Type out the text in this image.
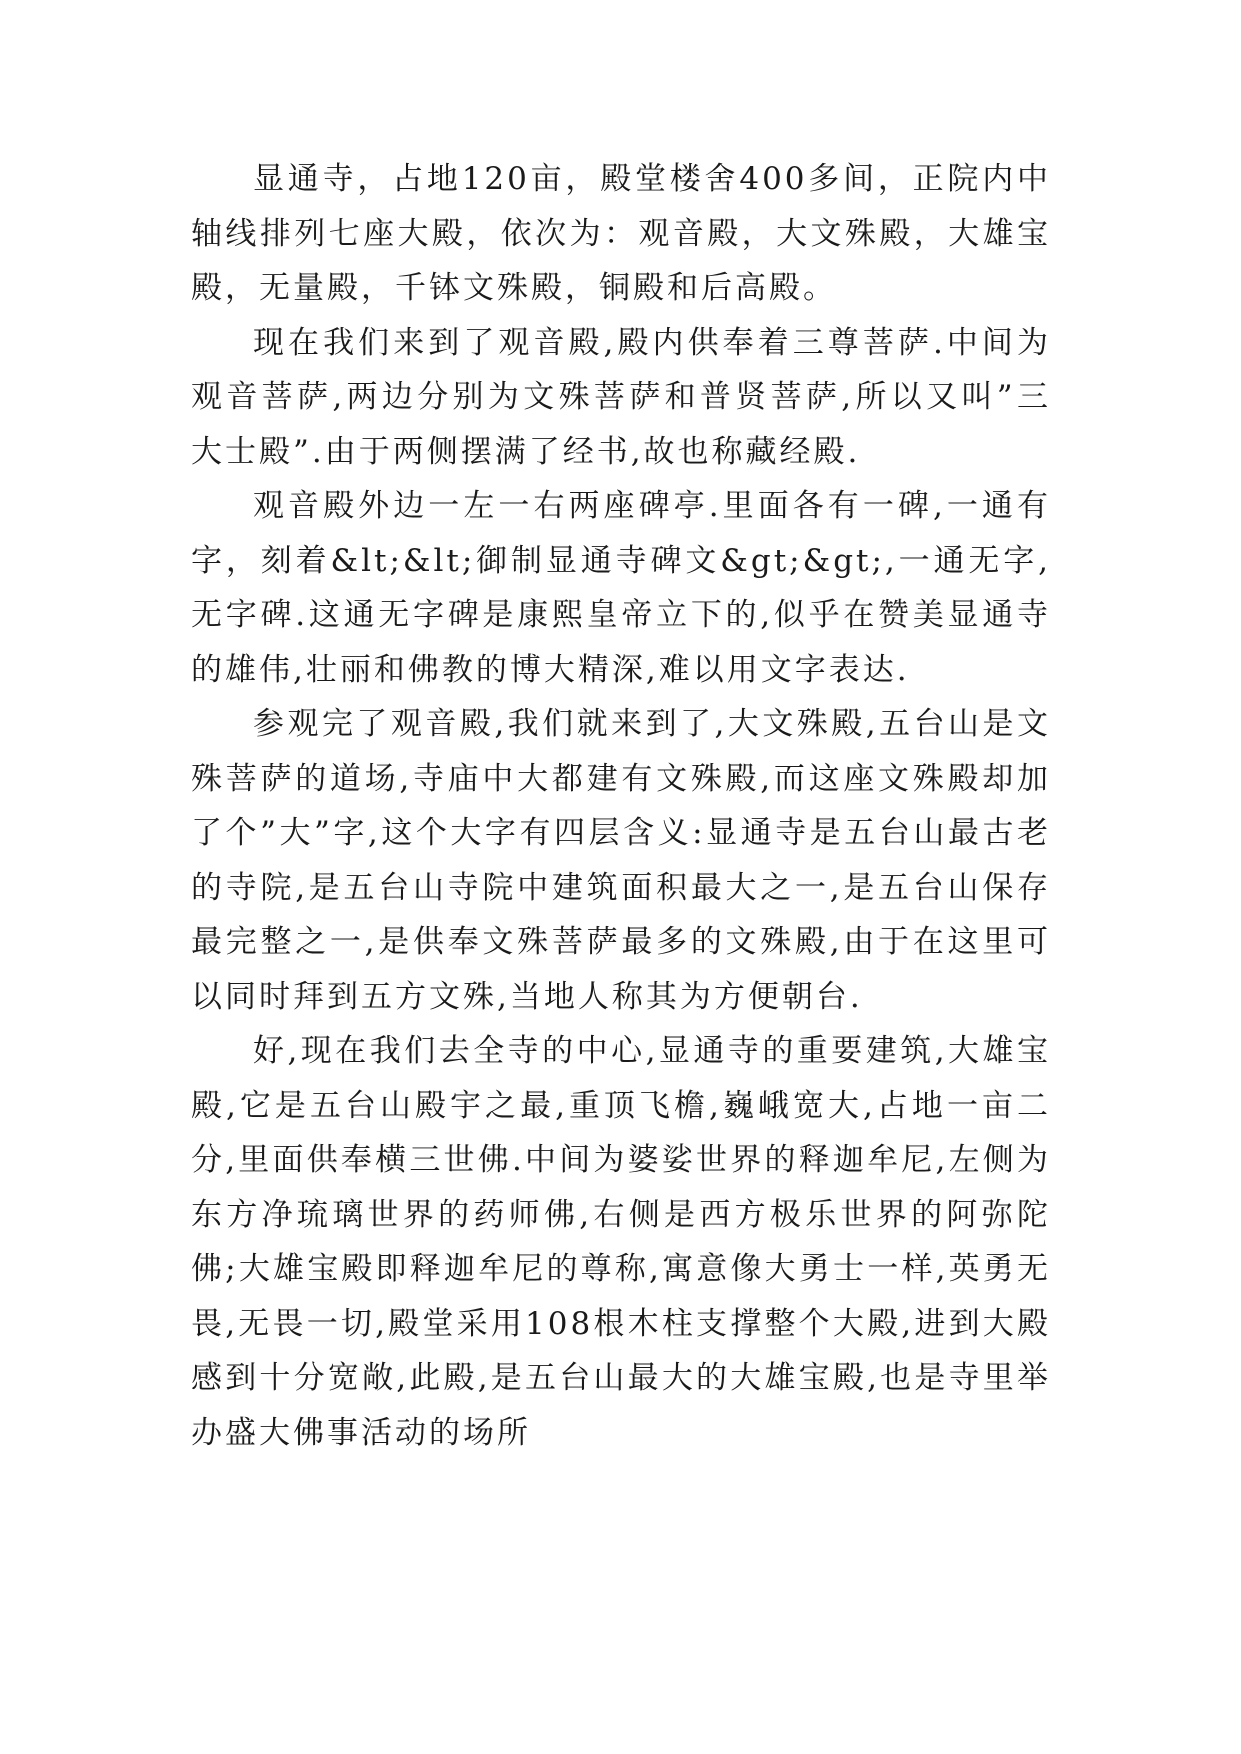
显通寺，占地120亩，殿堂楼舍400多间，正院内中轴线排列七座大殿，依次为：观音殿，大文殊殿，大雄宝殿，无量殿，千钵文殊殿，铜殿和后高殿。

现在我们来到了观音殿,殿内供奉着三尊菩萨.中间为观音菩萨,两边分别为文殊菩萨和普贤菩萨,所以又叫”三大士殿”.由于两侧摆满了经书,故也称藏经殿.

观音殿外边一左一右两座碑亭.里面各有一碑,一通有字，刻着&lt;&lt;御制显通寺碑文&gt;&gt;,一通无字,无字碑.这通无字碑是康熙皇帝立下的,似乎在赞美显通寺的雄伟,壮丽和佛教的博大精深,难以用文字表达.

参观完了观音殿,我们就来到了,大文殊殿,五台山是文殊菩萨的道场,寺庙中大都建有文殊殿,而这座文殊殿却加了个”大”字,这个大字有四层含义:显通寺是五台山最古老的寺院,是五台山寺院中建筑面积最大之一,是五台山保存最完整之一,是供奉文殊菩萨最多的文殊殿,由于在这里可以同时拜到五方文殊,当地人称其为方便朝台.

好,现在我们去全寺的中心,显通寺的重要建筑,大雄宝殿,它是五台山殿宇之最,重顶飞檐,巍峨宽大,占地一亩二分,里面供奉横三世佛.中间为婆娑世界的释迦牟尼,左侧为东方净琉璃世界的药师佛,右侧是西方极乐世界的阿弥陀佛;大雄宝殿即释迦牟尼的尊称,寓意像大勇士一样,英勇无畏,无畏一切,殿堂采用108根木柱支撑整个大殿,进到大殿感到十分宽敞,此殿,是五台山最大的大雄宝殿,也是寺里举办盛大佛事活动的场所
